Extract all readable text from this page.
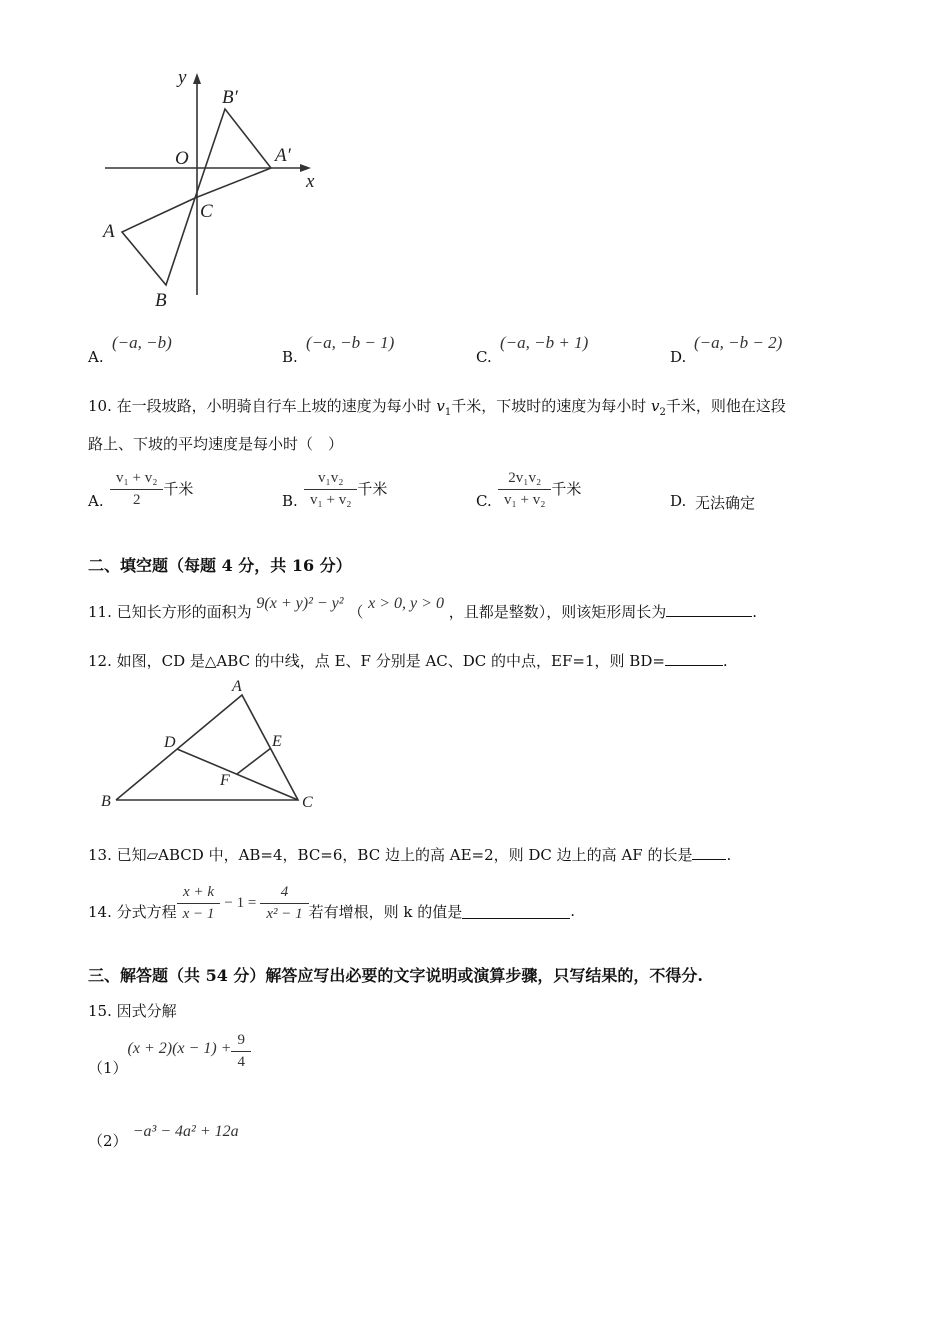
y
x
O
B′
A′
C
A
B
A.
(−a, −b)
B.
(−a, −b − 1)
C.
(−a, −b + 1)
D.
(−a, −b − 2)
10. 在一段坡路，小明骑自行车上坡的速度为每小时 $v_1$千米，下坡时的速度为每小时 $v_2$千米，则他在这段
路上、下坡的平均速度是每小时（　）
A. $\frac{\text{v₁ + v₂}}{2}$ 千米
B. $\frac{\text{v₁v₂}}{\text{v₁ + v₂}}$ 千米
C. $\frac{\text{2v₁v₂}}{\text{v₁ + v₂}}$ 千米
D. 无法确定
二、填空题（每题 4 分，共 16 分）
11. 已知长方形的面积为 9(x + y)² − y² （ x > 0, y > 0 ，且都是整数），则该矩形周长为	.
12. 如图，CD 是△ABC 的中线，点 E、F 分别是 AC、DC 的中点，EF=1，则 BD=	.
A
D	E
F
B	C
13. 已知▱ABCD 中，AB=4，BC=6，BC 边上的高 AE=2，则 DC 边上的高 AF 的长是 .
14. 分式方程 $\frac{x + k}{x - 1} - 1 = \frac{4}{\text{x² − 1}}$ 若有增根，则 k 的值是	.
三、解答题（共 54 分）解答应写出必要的文字说明或演算步骤，只写结果的，不得分.
15. 因式分解
（1）
$(x + 2)(x - 1) + \frac{9}{4}$
（2） −a³ − 4a² + 12a
